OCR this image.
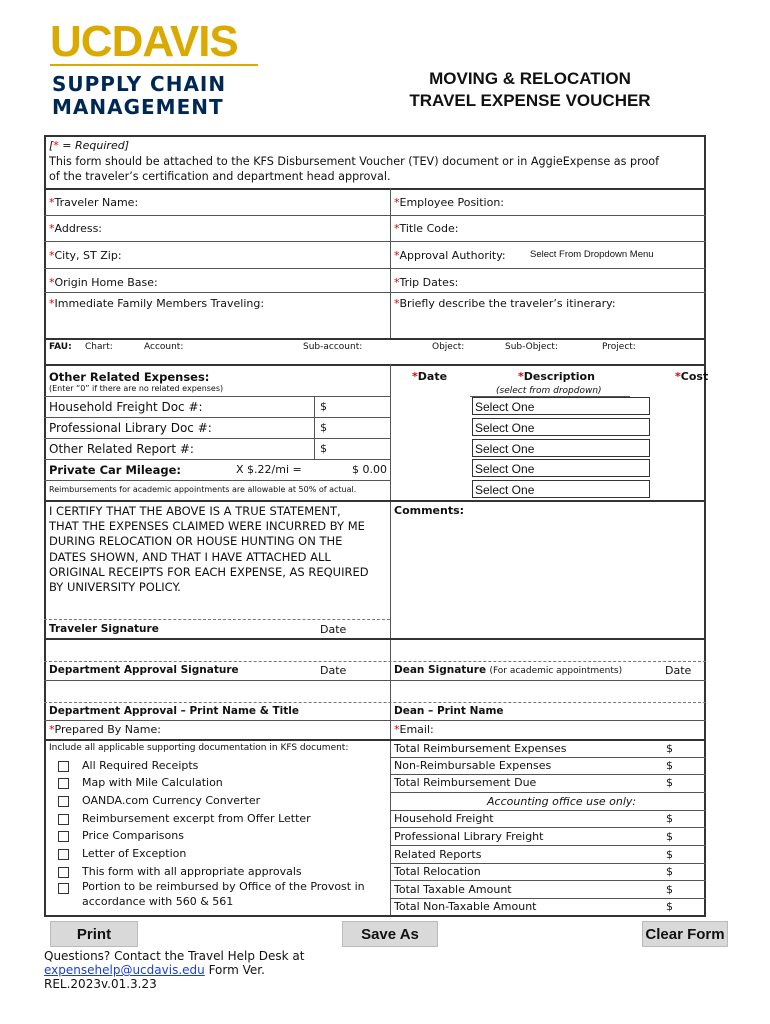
UCDAVIS
SUPPLY CHAIN
MANAGEMENT
MOVING & RELOCATION
TRAVEL EXPENSE VOUCHER
[* = Required]
This form should be attached to the KFS Disbursement Voucher (TEV) document or in AggieExpense as proof
of the traveler’s certification and department head approval.
*Traveler Name:	*Employee Position:
*Address:	*Title Code:
*City, ST Zip:	*Approval Authority:	Select From Dropdown Menu
*Origin Home Base:	*Trip Dates:
*Immediate Family Members Traveling:	*Briefly describe the traveler’s itinerary:
FAU: Chart:	Account:	Sub-account:	Object:	Sub-Object:	Project:
Other Related Expenses:
(Enter “0” if there are no related expenses)
Household Freight Doc #:	$
Professional Library Doc #:	$
Other Related Report #:	$
Private Car Mileage:	X $.22/mi =	$ 0.00
Reimbursements for academic appointments are allowable at 50% of actual.
*Date	*Description	*Cost
(select from dropdown)
Select One
Select One
Select One
Select One
Select One
I CERTIFY THAT THE ABOVE IS A TRUE STATEMENT,
THAT THE EXPENSES CLAIMED WERE INCURRED BY ME
DURING RELOCATION OR HOUSE HUNTING ON THE
DATES SHOWN, AND THAT I HAVE ATTACHED ALL
ORIGINAL RECEIPTS FOR EACH EXPENSE, AS REQUIRED
BY UNIVERSITY POLICY.
Comments:
Traveler Signature	Date
Department Approval Signature	Date	Dean Signature (For academic appointments)	Date
Department Approval – Print Name & Title	Dean – Print Name
*Prepared By Name:	*Email:
Include all applicable supporting documentation in KFS document:
All Required Receipts
Map with Mile Calculation
OANDA.com Currency Converter
Reimbursement excerpt from Offer Letter
Price Comparisons
Letter of Exception
This form with all appropriate approvals
Portion to be reimbursed by Office of the Provost in
accordance with 560 & 561
Total Reimbursement Expenses	$
Non-Reimbursable Expenses	$
Total Reimbursement Due	$
Accounting office use only:
Household Freight	$
Professional Library Freight	$
Related Reports	$
Total Relocation	$
Total Taxable Amount	$
Total Non-Taxable Amount	$
Print	Save As	Clear Form
Questions? Contact the Travel Help Desk at
expensehelp@ucdavis.edu Form Ver.
REL.2023v.01.3.23
